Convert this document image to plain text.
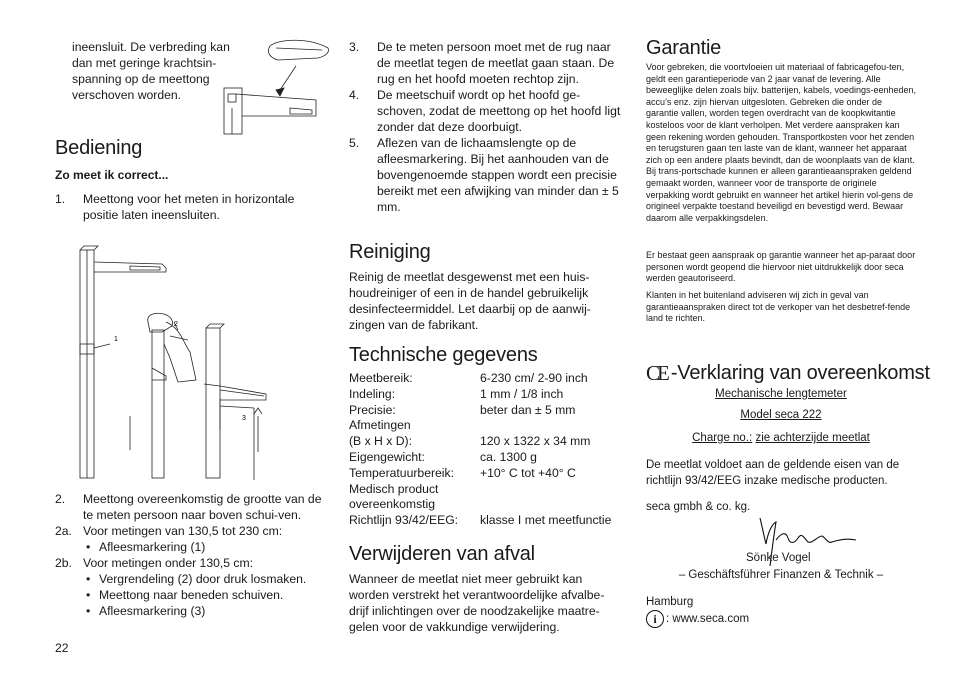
ineensluit. De verbreding kan

dan met geringe krachtsin-

spanning op de meettong

verschoven worden.

Bediening

Zo meet ik correct...

1. Meettong voor het meten in horizontale positie laten ineensluiten.
1
2
3
2. Meettong overeenkomstig de grootte van de te meten persoon naar boven schui-ven.
2a. Voor metingen van 130,5 tot 230 cm:
• Afleesmarkering (1)
2b. Voor metingen onder 130,5 cm:
• Vergrendeling (2) door druk losmaken.
• Meettong naar beneden schuiven.
• Afleesmarkering (3)

22

3. De te meten persoon moet met de rug naar de meetlat tegen de meetlat gaan staan. De rug en het hoofd moeten rechtop zijn.
4. De meetschuif wordt op het hoofd ge-schoven, zodat de meettong op het hoofd ligt zonder dat deze doorbuigt.
5. Aflezen van de lichaamslengte op de afleesmarkering. Bij het aanhouden van de bovengenoemde stappen wordt een precisie bereikt met een afwijking van minder dan ± 5 mm.
Reiniging

Reinig de meetlat desgewenst met een huis-houdreiniger of een in de handel gebruikelijk desinfecteermiddel. Let daarbij op de aanwij-zingen van de fabrikant.

Technische gegevens
Meetbereik:	6-230 cm/ 2-90 inch
Indeling:	1 mm / 1/8 inch
Precisie:	beter dan ± 5 mm
Afmetingen
(B x H x D):	120 x 1322 x 34 mm
Eigengewicht:	ca. 1300 g
Temperatuurbereik:	+10° C tot +40° C
Medisch product
overeenkomstig
Richtlijn 93/42/EEG:	klasse I met meetfunctie
Verwijderen van afval

Wanneer de meetlat niet meer gebruikt kan worden verstrekt het verantwoordelijke afvalbe-drijf inlichtingen over de noodzakelijke maatre-gelen voor de vakkundige verwijdering.

Garantie

Voor gebreken, die voortvloeien uit materiaal of fabricagefou-ten, geldt een garantieperiode van 2 jaar vanaf de levering. Alle beweeglijke delen zoals bijv. batterijen, kabels, voedings-eenheden, accu’s enz. zijn hiervan uitgesloten. Gebreken die onder de garantie vallen, worden tegen overdracht van de koopkwitantie kosteloos voor de klant verholpen. Met verdere aanspraken kan geen rekening worden gehouden. Transportkosten voor het zenden en terugsturen gaan ten laste van de klant, wanneer het apparaat zich op een andere plaats bevindt, dan de woonplaats van de klant. Bij trans-portschade kunnen er alleen garantieaanspraken geldend gemaakt worden, wanneer voor de transporte de originele verpakking wordt gebruikt en wanneer het artikel hierin vol-gens de origineel verpakte toestand beveiligd en bevestigd werd. Bewaar daarom alle verpakkingsdelen.

Er bestaat geen aanspraak op garantie wanneer het ap-paraat door personen wordt geopend die hiervoor niet uitdrukkelijk door seca werden geautoriseerd.

Klanten in het buitenland adviseren wij zich in geval van garantieaanspraken direct tot de verkoper van het desbetref-fende land te richten.

CE -Verklaring van overeenkomst

Mechanische lengtemeter

Model seca 222

Charge no.: zie achterzijde meetlat

De meetlat voldoet aan de geldende eisen van de richtlijn 93/42/EEG inzake medische producten.

seca gmbh & co. kg.

Sönke Vogel

– Geschäftsführer Finanzen & Technik –

Hamburg

i : www.seca.com
